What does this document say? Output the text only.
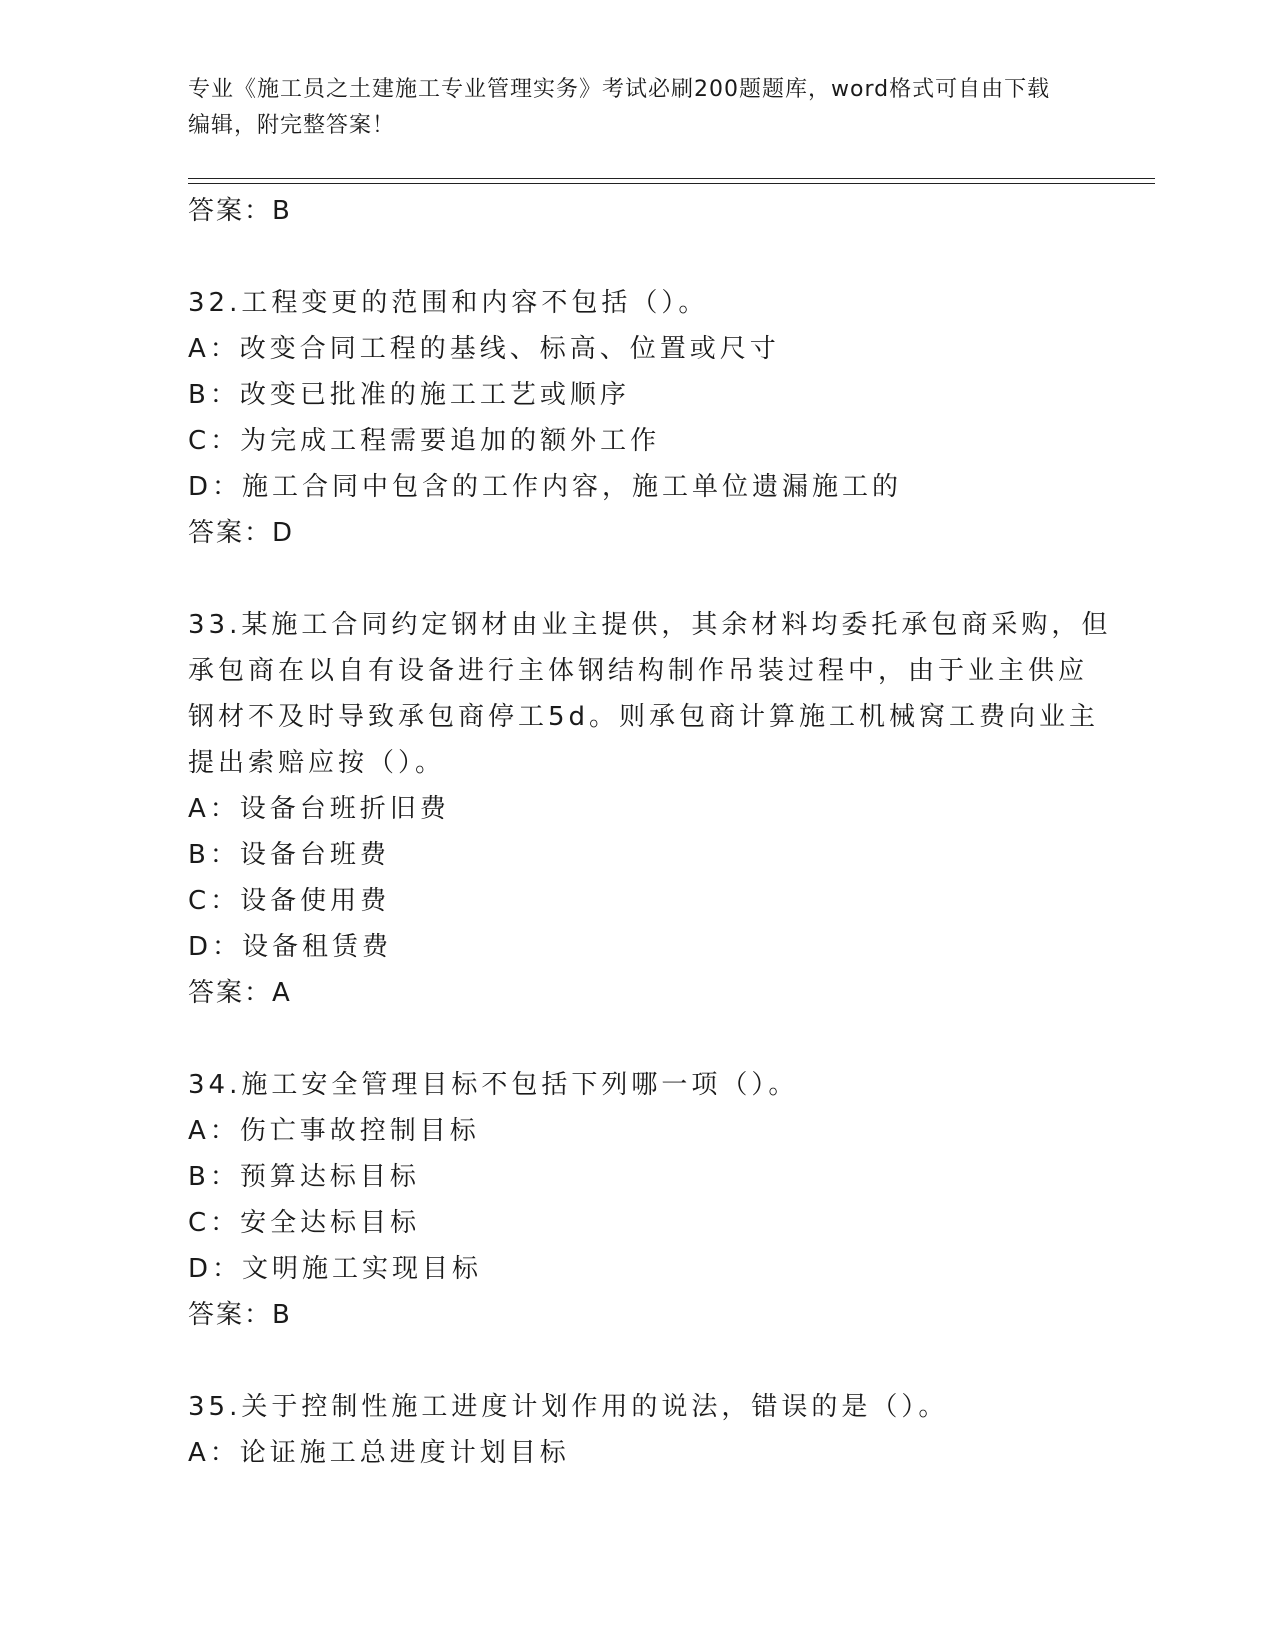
专业《施工员之土建施工专业管理实务》考试必刷200题题库，word格式可自由下载编辑，附完整答案！
答案：B
32.工程变更的范围和内容不包括（）。
A：改变合同工程的基线、标高、位置或尺寸
B：改变已批准的施工工艺或顺序
C：为完成工程需要追加的额外工作
D：施工合同中包含的工作内容，施工单位遗漏施工的
答案：D
33.某施工合同约定钢材由业主提供，其余材料均委托承包商采购，但
承包商在以自有设备进行主体钢结构制作吊装过程中，由于业主供应
钢材不及时导致承包商停工5d。则承包商计算施工机械窝工费向业主
提出索赔应按（）。
A：设备台班折旧费
B：设备台班费
C：设备使用费
D：设备租赁费
答案：A
34.施工安全管理目标不包括下列哪一项（）。
A：伤亡事故控制目标
B：预算达标目标
C：安全达标目标
D：文明施工实现目标
答案：B
35.关于控制性施工进度计划作用的说法，错误的是（）。
A：论证施工总进度计划目标
